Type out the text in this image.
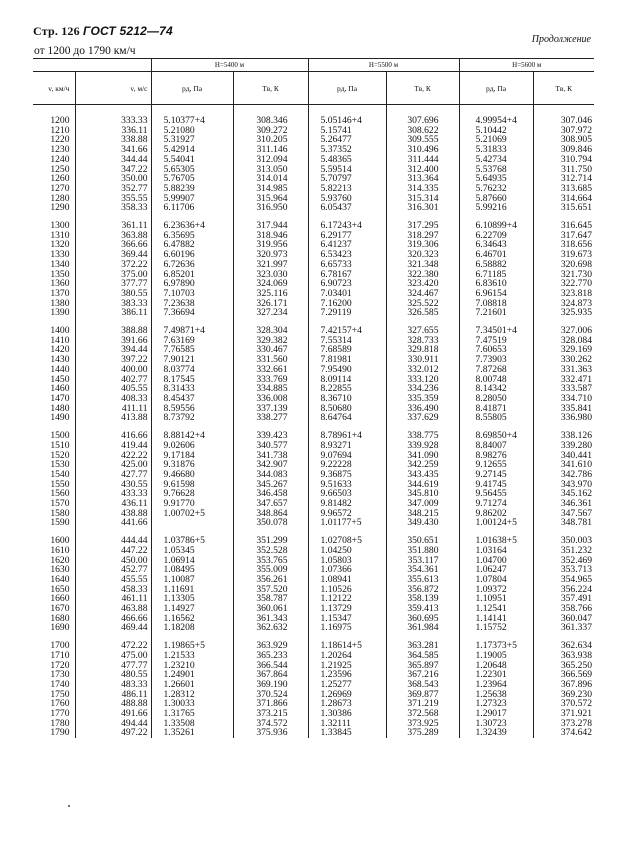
Стр. 126 ГОСТ 5212—74
Продолжение
от 1200 до 1790 км/ч
		H=5400 м		H=5500 м		H=5600 м	
v, км/ч	v, м/с	pд, Па	Tв, К	pд, Па	Tв, К	pд, Па	Tв, К

1200	333.33	5.10377+4	308.346	5.05146+4	307.696	4.99954+4	307.046
1210	336.11	5.21080	309.272	5.15741	308.622	5.10442	307.972
1220	338.88	5.31927	310.205	5.26477	309.555	5.21069	308.905
1230	341.66	5.42914	311.146	5.37352	310.496	5.31833	309.846
1240	344.44	5.54041	312.094	5.48365	311.444	5.42734	310.794
1250	347.22	5.65305	313.050	5.59514	312.400	5.53768	311.750
1260	350.00	5.76705	314.014	5.70797	313.364	5.64935	312.714
1270	352.77	5.88239	314.985	5.82213	314.335	5.76232	313.685
1280	355.55	5.99907	315.964	5.93760	315.314	5.87660	314.664
1290	358.33	6.11706	316.950	6.05437	316.301	5.99216	315.651

1300	361.11	6.23636+4	317.944	6.17243+4	317.295	6.10899+4	316.645
1310	363.88	6.35695	318.946	6.29177	318.297	6.22709	317.647
1320	366.66	6.47882	319.956	6.41237	319.306	6.34643	318.656
1330	369.44	6.60196	320.973	6.53423	320.323	6.46701	319.673
1340	372.22	6.72636	321.997	6.65733	321.348	6.58882	320.698
1350	375.00	6.85201	323.030	6.78167	322.380	6.71185	321.730
1360	377.77	6.97890	324.069	6.90723	323.420	6.83610	322.770
1370	380.55	7.10703	325.116	7.03401	324.467	6.96154	323.818
1380	383.33	7.23638	326.171	7.16200	325.522	7.08818	324.873
1390	386.11	7.36694	327.234	7.29119	326.585	7.21601	325.935

1400	388.88	7.49871+4	328.304	7.42157+4	327.655	7.34501+4	327.006
1410	391.66	7.63169	329.382	7.55314	328.733	7.47519	328.084
1420	394.44	7.76585	330.467	7.68589	329.818	7.60653	329.169
1430	397.22	7.90121	331.560	7.81981	330.911	7.73903	330.262
1440	400.00	8.03774	332.661	7.95490	332.012	7.87268	331.363
1450	402.77	8.17545	333.769	8.09114	333.120	8.00748	332.471
1460	405.55	8.31433	334.885	8.22855	334.236	8.14342	333.587
1470	408.33	8.45437	336.008	8.36710	335.359	8.28050	334.710
1480	411.11	8.59556	337.139	8.50680	336.490	8.41871	335.841
1490	413.88	8.73792	338.277	8.64764	337.629	8.55805	336.980

1500	416.66	8.88142+4	339.423	8.78961+4	338.775	8.69850+4	338.126
1510	419.44	9.02606	340.577	8.93271	339.928	8.84007	339.280
1520	422.22	9.17184	341.738	9.07694	341.090	8.98276	340.441
1530	425.00	9.31876	342.907	9.22228	342.259	9.12655	341.610
1540	427.77	9.46680	344.083	9.36875	343.435	9.27145	342.786
1550	430.55	9.61598	345.267	9.51633	344.619	9.41745	343.970
1560	433.33	9.76628	346.458	9.66503	345.810	9.56455	345.162
1570	436.11	9.91770	347.657	9.81482	347.009	9.71274	346.361
1580	438.88	1.00702+5	348.864	9.96572	348.215	9.86202	347.567
1590	441.66		350.078	1.01177+5	349.430	1.00124+5	348.781

1600	444.44	1.03786+5	351.299	1.02708+5	350.651	1.01638+5	350.003
1610	447.22	1.05345	352.528	1.04250	351.880	1.03164	351.232
1620	450.00	1.06914	353.765	1.05803	353.117	1.04700	352.469
1630	452.77	1.08495	355.009	1.07366	354.361	1.06247	353.713
1640	455.55	1.10087	356.261	1.08941	355.613	1.07804	354.965
1650	458.33	1.11691	357.520	1.10526	356.872	1.09372	356.224
1660	461.11	1.13305	358.787	1.12122	358.139	1.10951	357.491
1670	463.88	1.14927	360.061	1.13729	359.413	1.12541	358.766
1680	466.66	1.16562	361.343	1.15347	360.695	1.14141	360.047
1690	469.44	1.18208	362.632	1.16975	361.984	1.15752	361.337

1700	472.22	1.19865+5	363.929	1.18614+5	363.281	1.17373+5	362.634
1710	475.00	1.21533	365.233	1.20264	364.585	1.19005	363.938
1720	477.77	1.23210	366.544	1.21925	365.897	1.20648	365.250
1730	480.55	1.24901	367.864	1.23596	367.216	1.22301	366.569
1740	483.33	1.26601	369.190	1.25277	368.543	1.23964	367.896
1750	486.11	1.28312	370.524	1.26969	369.877	1.25638	369.230
1760	488.88	1.30033	371.866	1.28673	371.219	1.27323	370.572
1770	491.66	1.31765	373.215	1.30386	372.568	1.29017	371.921
1780	494.44	1.33508	374.572	1.32111	373.925	1.30723	373.278
1790	497.22	1.35261	375.936	1.33845	375.289	1.32439	374.642
